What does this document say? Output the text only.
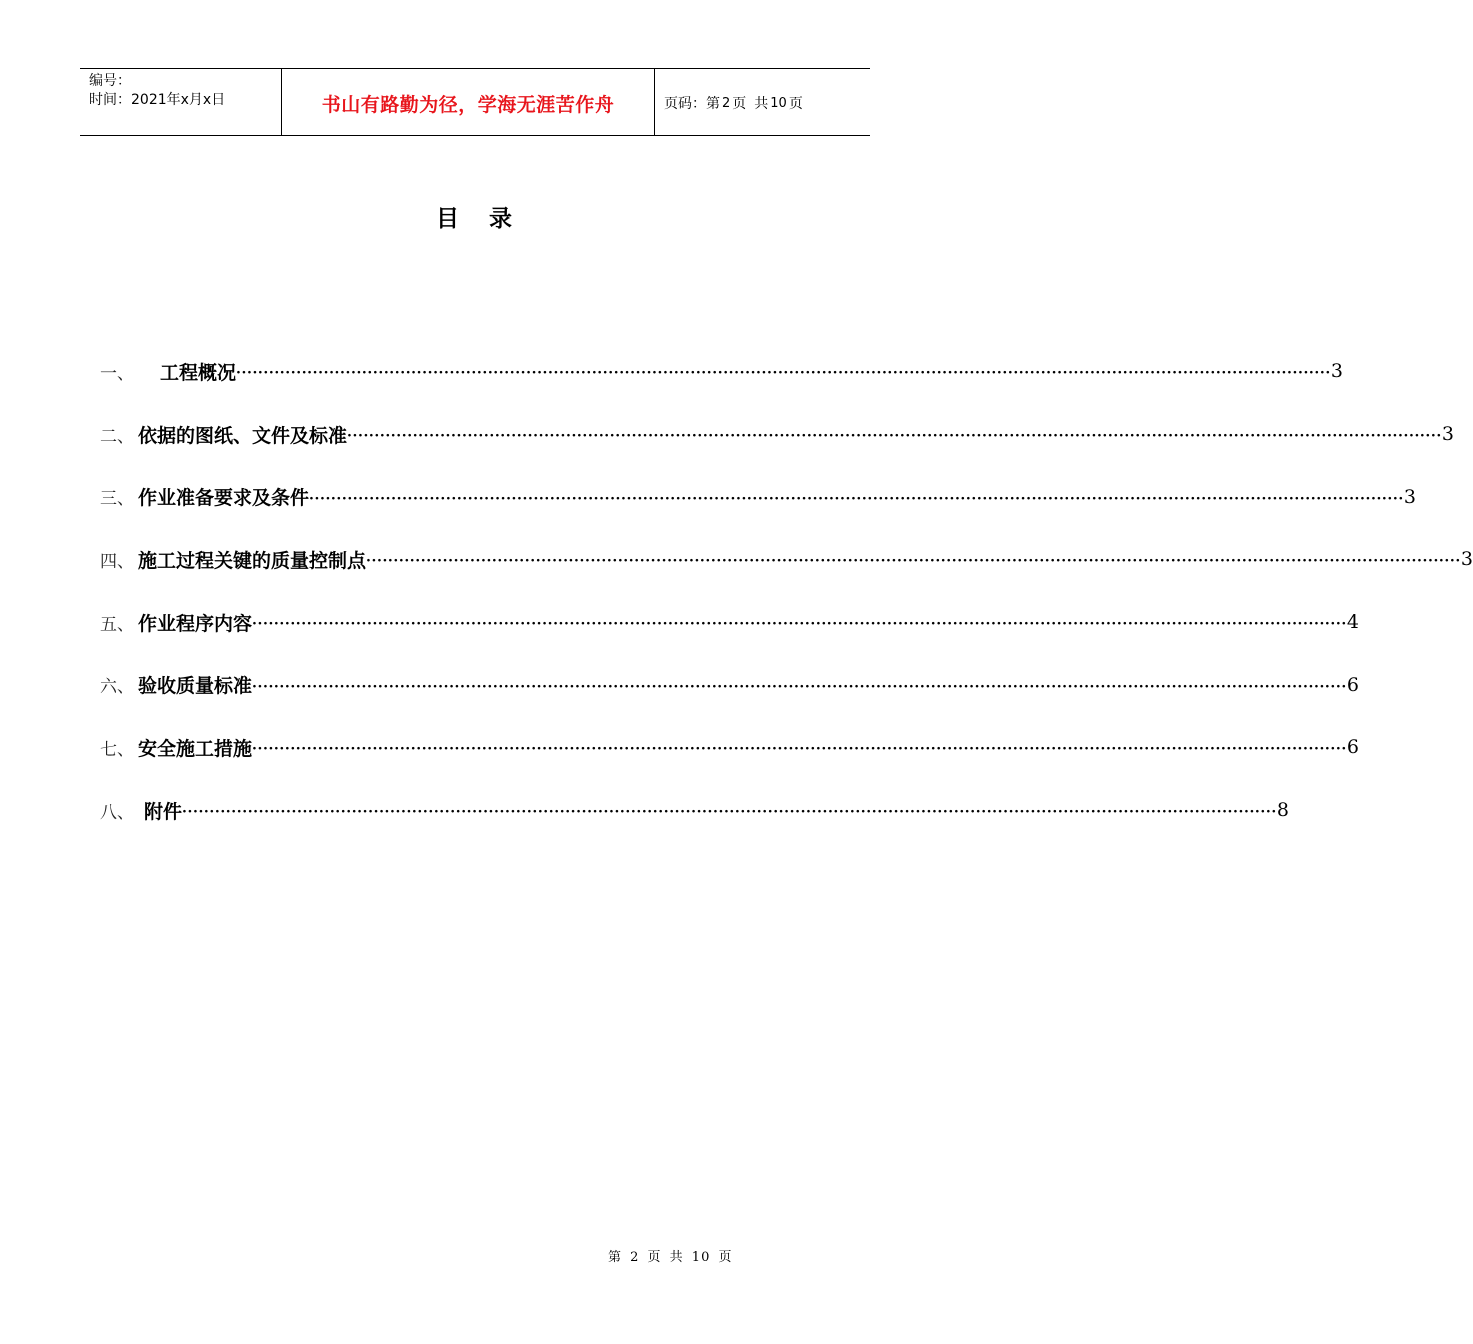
编号：
时间：2021年x月x日	书山有路勤为径，学海无涯苦作舟	页码：第 2 页 共 10 页
目 录
一、 工程概况 ········································································································································································································ 3
二、 依据的图纸、文件及标准 ········································································································································································································ 3
三、 作业准备要求及条件 ········································································································································································································ 3
四、 施工过程关键的质量控制点 ········································································································································································································ 3
五、 作业程序内容 ········································································································································································································ 4
六、 验收质量标准 ········································································································································································································ 6
七、 安全施工措施 ········································································································································································································ 6
八、 附件 ········································································································································································································ 8
第 2 页 共 10 页
